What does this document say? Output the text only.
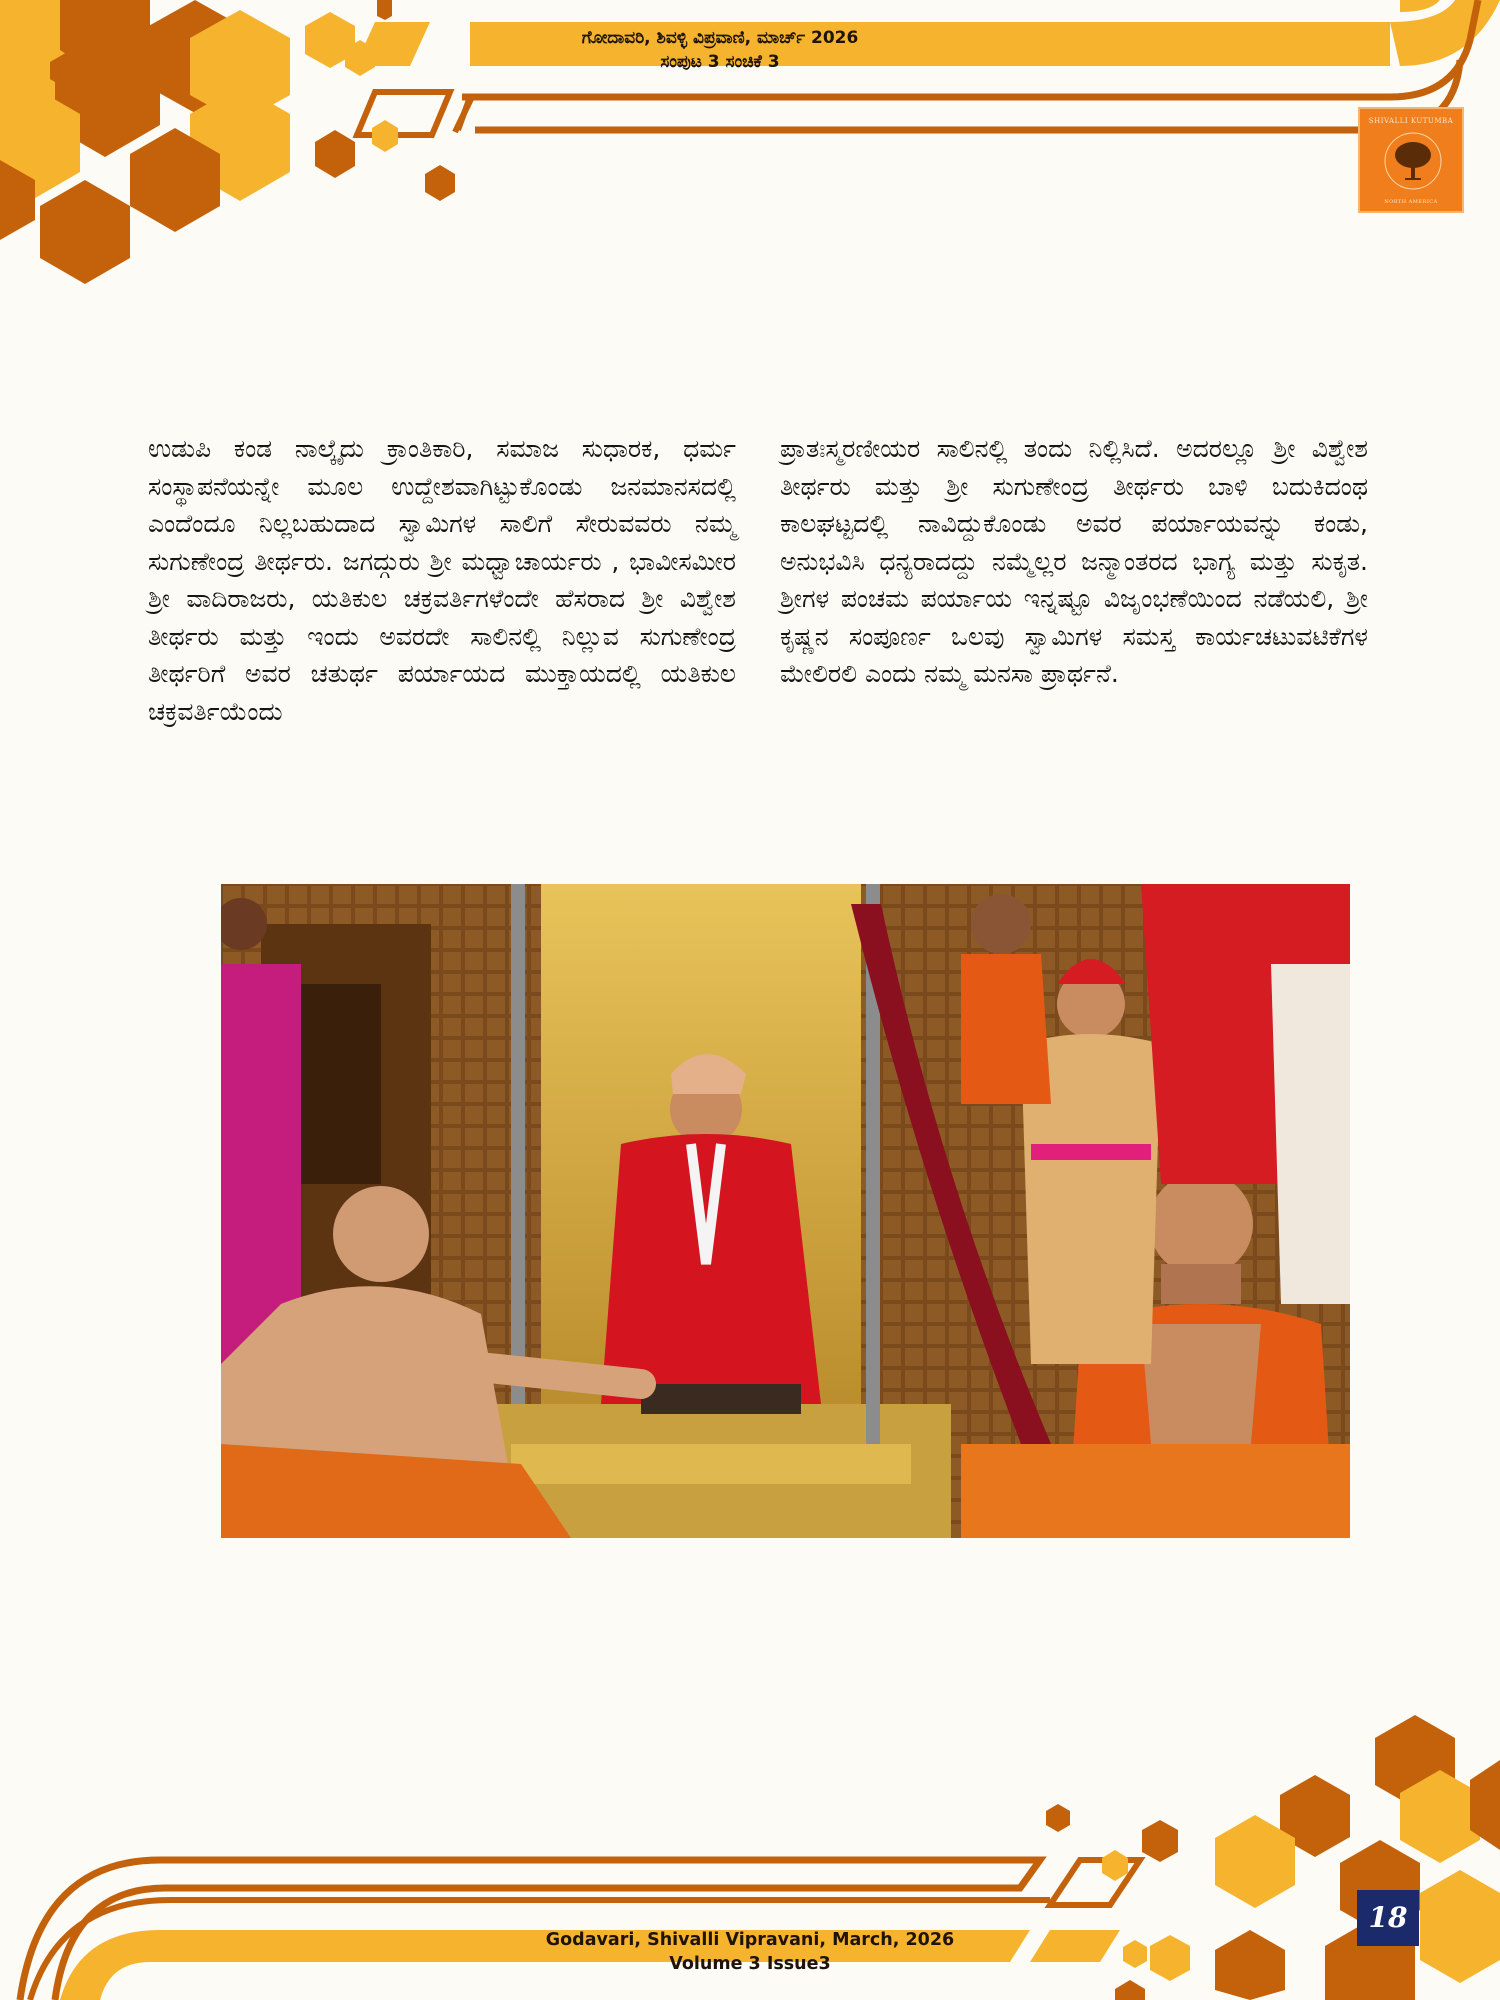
ಗೋದಾವರಿ, ಶಿವಳ್ಳಿ ವಿಪ್ರವಾಣಿ, ಮಾರ್ಚ್ 2026
ಸಂಪುಟ 3 ಸಂಚಿಕೆ 3
SHIVALLI KUTUMBA
NORTH AMERICA

ಉಡುಪಿ ಕಂಡ ನಾಲ್ಕೈದು ಕ್ರಾಂತಿಕಾರಿ, ಸಮಾಜ ಸುಧಾರಕ, ಧರ್ಮ ಸಂಸ್ಥಾಪನೆಯನ್ನೇ ಮೂಲ ಉದ್ದೇಶವಾಗಿಟ್ಟುಕೊಂಡು ಜನಮಾನಸದಲ್ಲಿ ಎಂದೆಂದೂ ನಿಲ್ಲಬಹುದಾದ ಸ್ವಾಮಿಗಳ ಸಾಲಿಗೆ ಸೇರುವವರು ನಮ್ಮ ಸುಗುಣೇಂದ್ರ ತೀರ್ಥರು. ಜಗದ್ಗುರು ಶ್ರೀ ಮಧ್ವಾಚಾರ್ಯರು , ಭಾವೀಸಮೀರ ಶ್ರೀ ವಾದಿರಾಜರು, ಯತಿಕುಲ ಚಕ್ರವರ್ತಿಗಳೆಂದೇ ಹೆಸರಾದ ಶ್ರೀ ವಿಶ್ವೇಶ ತೀರ್ಥರು ಮತ್ತು ಇಂದು ಅವರದೇ ಸಾಲಿನಲ್ಲಿ ನಿಲ್ಲುವ ಸುಗುಣೇಂದ್ರ ತೀರ್ಥರಿಗೆ ಅವರ ಚತುರ್ಥ ಪರ್ಯಾಯದ ಮುಕ್ತಾಯದಲ್ಲಿ ಯತಿಕುಲ ಚಕ್ರವರ್ತಿಯೆಂದು

ಪ್ರಾತಃಸ್ಮರಣೀಯರ ಸಾಲಿನಲ್ಲಿ ತಂದು ನಿಲ್ಲಿಸಿದೆ. ಅದರಲ್ಲೂ ಶ್ರೀ ವಿಶ್ವೇಶ ತೀರ್ಥರು ಮತ್ತು ಶ್ರೀ ಸುಗುಣೇಂದ್ರ ತೀರ್ಥರು ಬಾಳಿ ಬದುಕಿದಂಥ ಕಾಲಘಟ್ಟದಲ್ಲಿ ನಾವಿದ್ದುಕೊಂಡು ಅವರ ಪರ್ಯಾಯವನ್ನು ಕಂಡು, ಅನುಭವಿಸಿ ಧನ್ಯರಾದದ್ದು ನಮ್ಮೆಲ್ಲರ ಜನ್ಮಾಂತರದ ಭಾಗ್ಯ ಮತ್ತು ಸುಕೃತ. ಶ್ರೀಗಳ ಪಂಚಮ ಪರ್ಯಾಯ ಇನ್ನಷ್ಟೂ ವಿಜೃಂಭಣೆಯಿಂದ ನಡೆಯಲಿ, ಶ್ರೀ ಕೃಷ್ಣನ ಸಂಪೂರ್ಣ ಒಲವು ಸ್ವಾಮಿಗಳ ಸಮಸ್ತ ಕಾರ್ಯಚಟುವಟಿಕೆಗಳ ಮೇಲಿರಲಿ ಎಂದು ನಮ್ಮ ಮನಸಾ ಪ್ರಾರ್ಥನೆ.

Godavari, Shivalli Vipravani, March, 2026
Volume 3 Issue3
18
